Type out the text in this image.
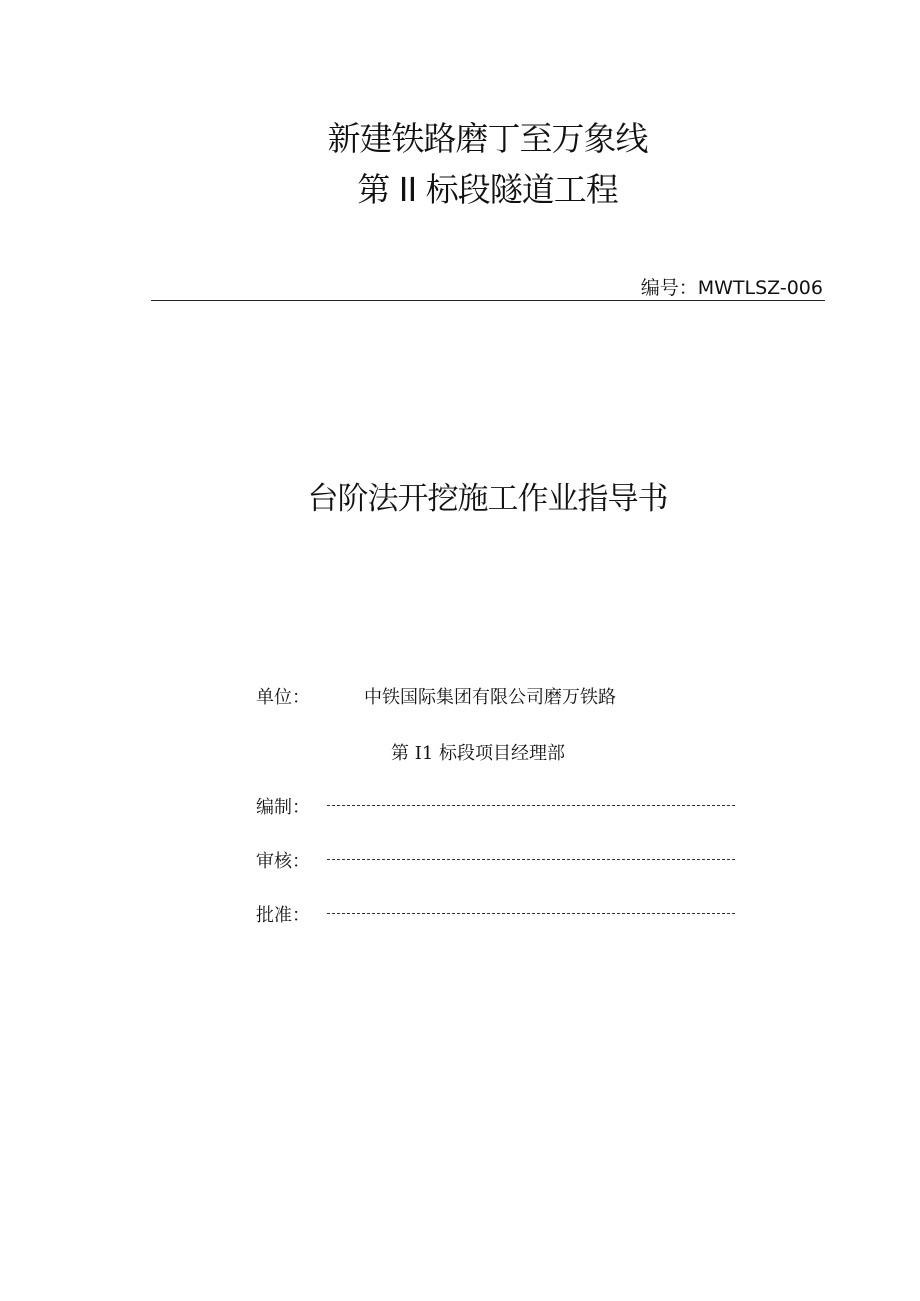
新建铁路磨丁至万象线
第 II 标段隧道工程
编号：MWTLSZ-006
台阶法开挖施工作业指导书
单位：	中铁国际集团有限公司磨万铁路
第 I1 标段项目经理部
编制：
审核：
批准：
